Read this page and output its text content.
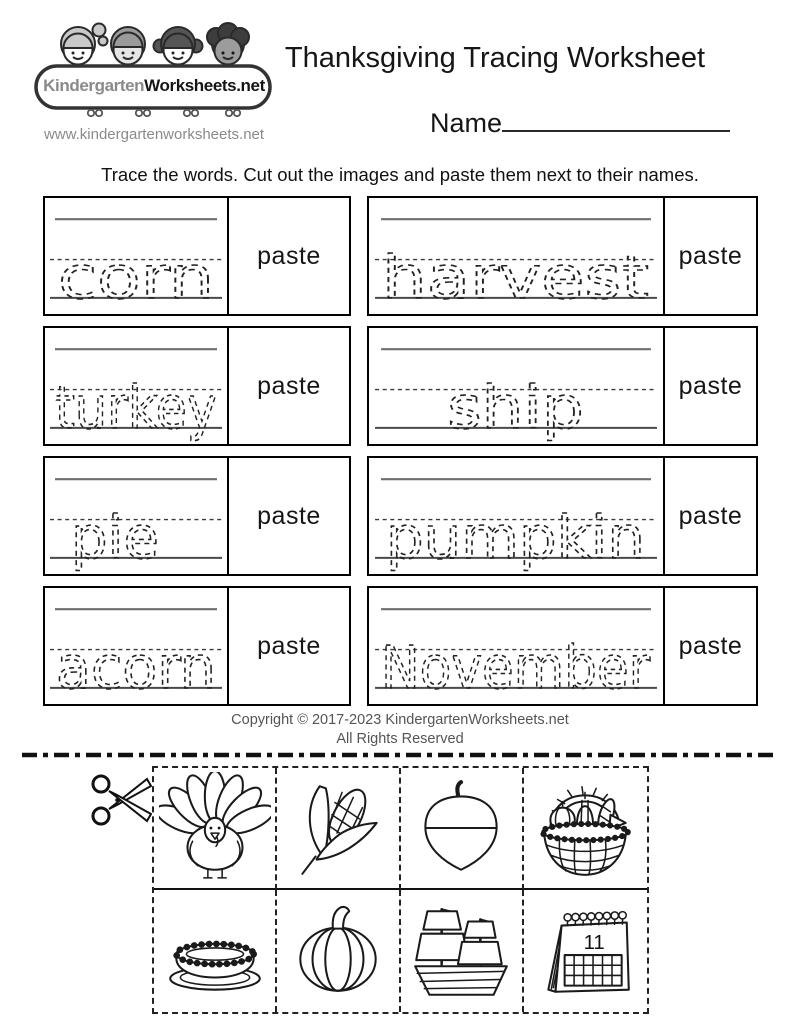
KindergartenWorksheets.net
www.kindergartenworksheets.net
Thanksgiving Tracing Worksheet
Name
Trace the words. Cut out the images and paste them next to their names.
corn	paste
turkey	paste
pie	paste
acorn	paste
harvest	paste
ship	paste
pumpkin	paste
November	paste
Copyright © 2017-2023 KindergartenWorksheets.net
All Rights Reserved
11
